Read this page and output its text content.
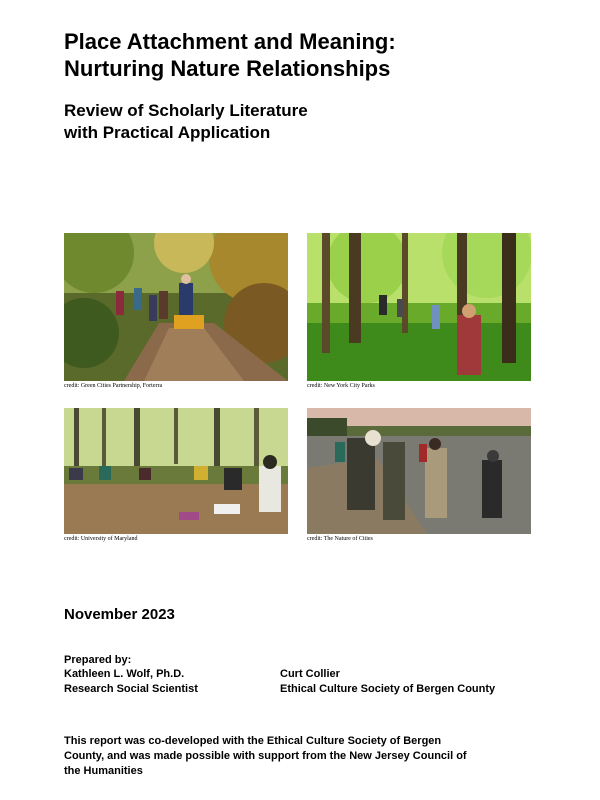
Place Attachment and Meaning:
Nurturing Nature Relationships
Review of Scholarly Literature
with Practical Application
credit: Green Cities Partnership, Forterra	credit: New York City Parks
credit: University of Maryland	credit: The Nature of Cities
November 2023
Prepared by:
Kathleen L. Wolf, Ph.D.
Research Social Scientist
Curt Collier
Ethical Culture Society of Bergen County
This report was co-developed with the Ethical Culture Society of Bergen
County, and was made possible with support from the New Jersey Council of
the Humanities
